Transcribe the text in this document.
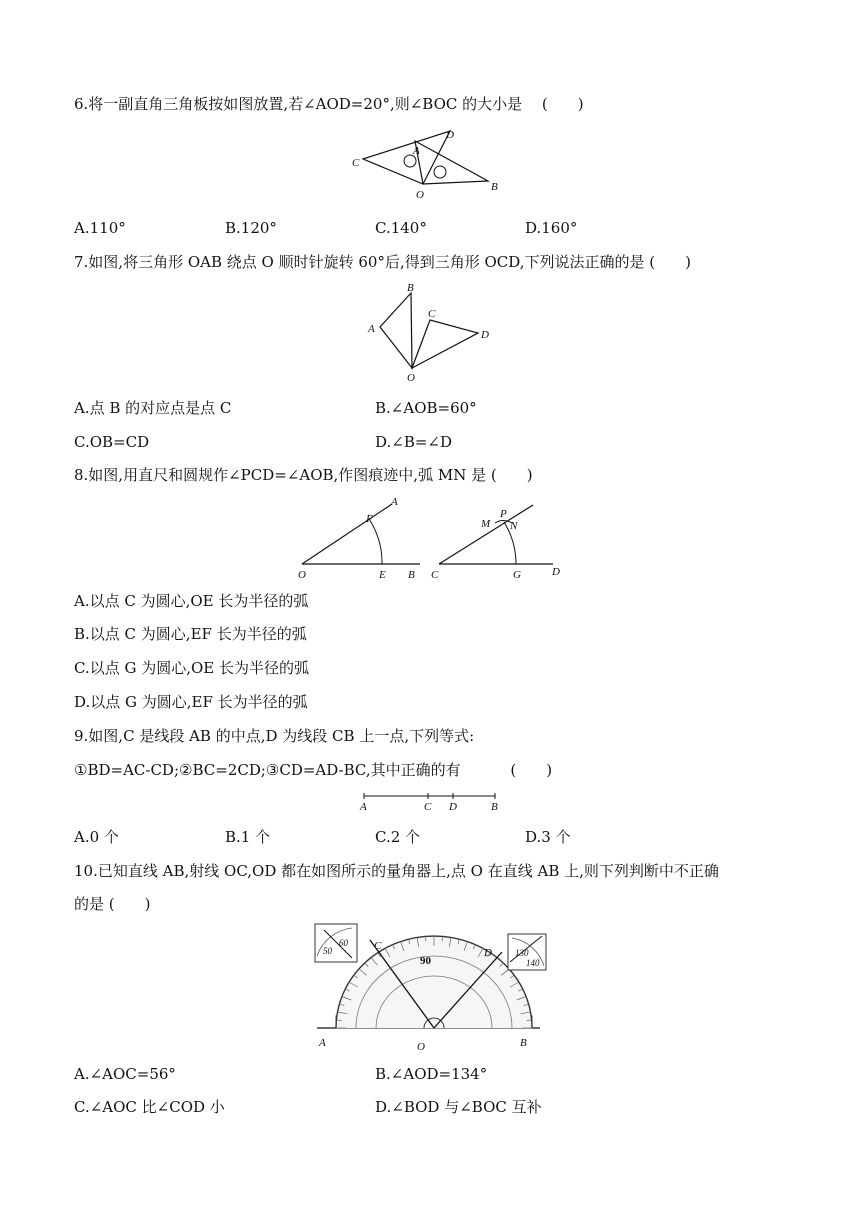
6.将一副直角三角板按如图放置,若∠AOD=20°,则∠BOC 的大小是　 (　　)
C
A
D
O
B
A.110°	B.120°	C.140°	D.160°
7.如图,将三角形 OAB 绕点 O 顺时针旋转 60°后,得到三角形 OCD,下列说法正确的是 (　　)
B
A
C
D
O
A.点 B 的对应点是点 C	B.∠AOB=60°
C.OB=CD	D.∠B=∠D
8.如图,用直尺和圆规作∠PCD=∠AOB,作图痕迹中,弧 MN 是 (　　)
O	E B
F
A
C	G	D
M
P
N
A.以点 C 为圆心,OE 长为半径的弧
B.以点 C 为圆心,EF 长为半径的弧
C.以点 G 为圆心,OE 长为半径的弧
D.以点 G 为圆心,EF 长为半径的弧
9.如图,C 是线段 AB 的中点,D 为线段 CB 上一点,下列等式:
①BD=AC-CD;②BC=2CD;③CD=AD-BC,其中正确的有　　　 (　　)
A	C D	B
A.0 个	B.1 个	C.2 个	D.3 个
10.已知直线 AB,射线 OC,OD 都在如图所示的量角器上,点 O 在直线 AB 上,则下列判断中不正确
的是 (　　)
50
60
130
140
90
C
D
A	O	B
A.∠AOC=56°	B.∠AOD=134°
C.∠AOC 比∠COD 小	D.∠BOD 与∠BOC 互补
